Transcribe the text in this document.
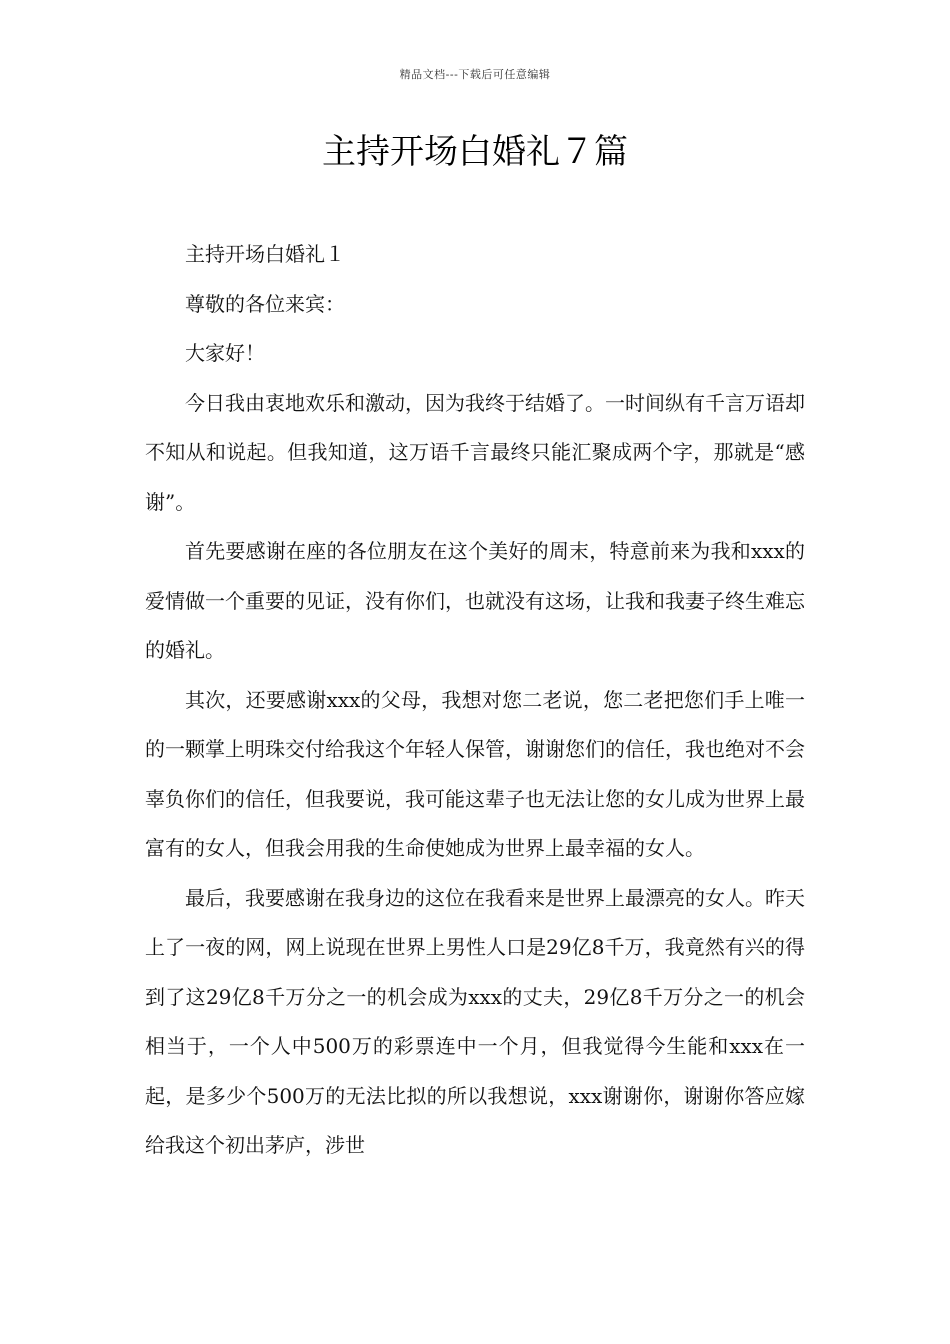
精品文档---下载后可任意编辑
主持开场白婚礼７篇

主持开场白婚礼１

尊敬的各位来宾：

大家好！

今日我由衷地欢乐和激动，因为我终于结婚了。一时间纵有千言万语却不知从和说起。但我知道，这万语千言最终只能汇聚成两个字，那就是“感谢”。

首先要感谢在座的各位朋友在这个美好的周末，特意前来为我和xxx的爱情做一个重要的见证，没有你们，也就没有这场，让我和我妻子终生难忘的婚礼。

其次，还要感谢xxx的父母，我想对您二老说，您二老把您们手上唯一的一颗掌上明珠交付给我这个年轻人保管，谢谢您们的信任，我也绝对不会辜负你们的信任，但我要说，我可能这辈子也无法让您的女儿成为世界上最富有的女人，但我会用我的生命使她成为世界上最幸福的女人。

最后，我要感谢在我身边的这位在我看来是世界上最漂亮的女人。昨天上了一夜的网，网上说现在世界上男性人口是29亿8千万，我竟然有兴的得到了这29亿8千万分之一的机会成为xxx的丈夫，29亿8千万分之一的机会相当于，一个人中500万的彩票连中一个月，但我觉得今生能和xxx在一起，是多少个500万的无法比拟的所以我想说，xxx谢谢你，谢谢你答应嫁给我这个初出茅庐，涉世
